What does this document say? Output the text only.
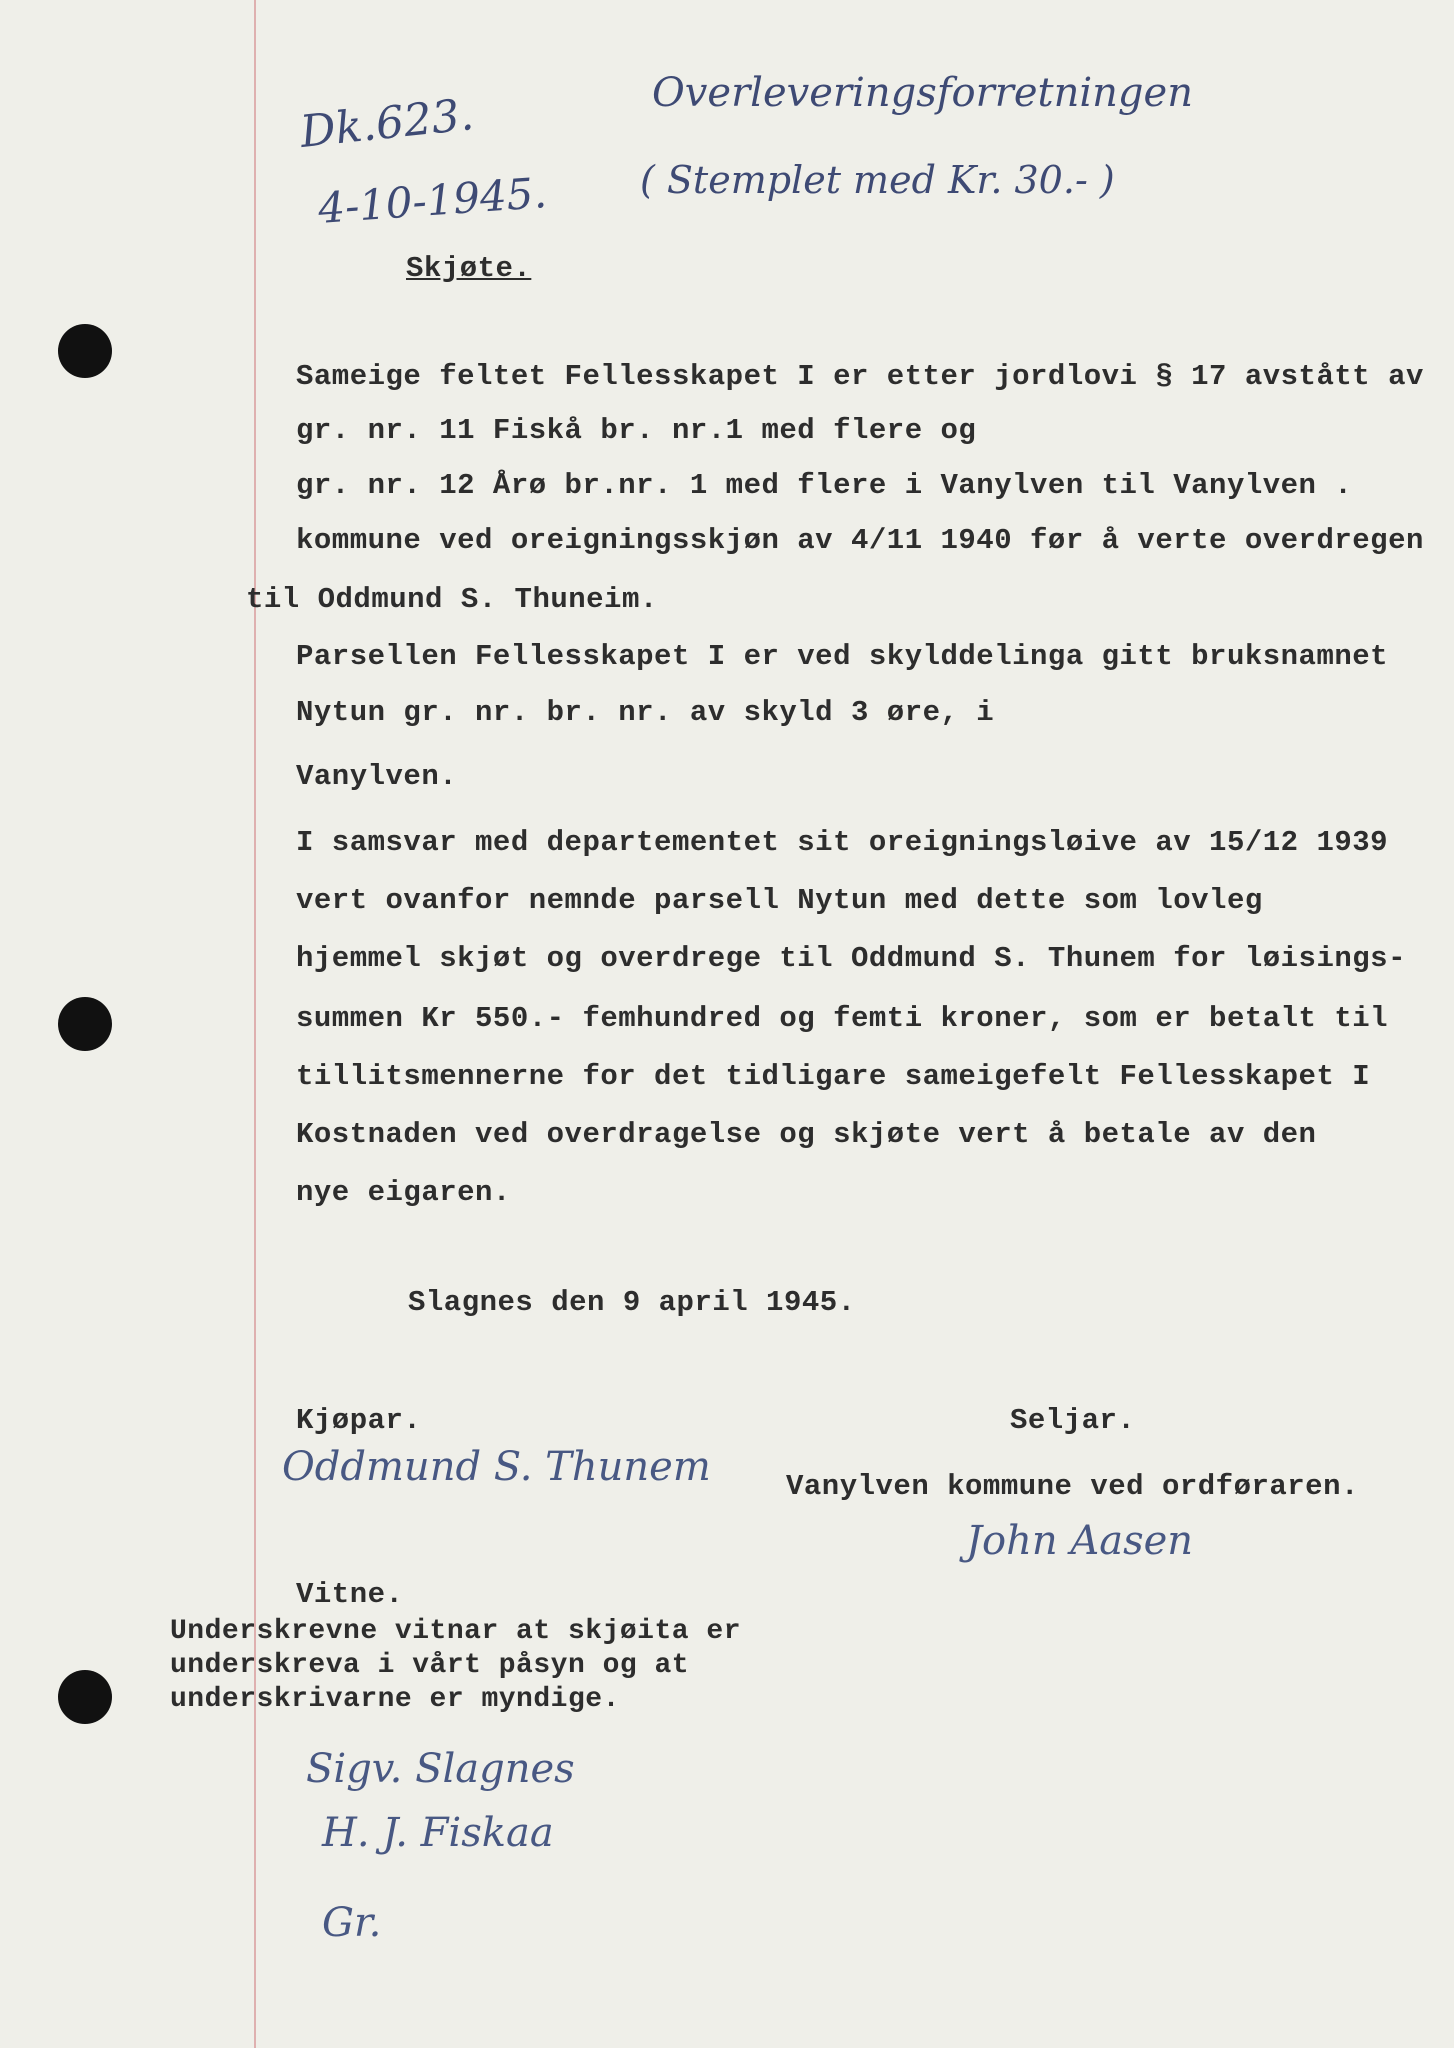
Dk.623.
4-10-1945.
Overleveringsforretningen
( Stemplet med Kr. 30.- )
Skjøte.
Sameige feltet Fellesskapet I er etter jordlovi § 17 avstått av
gr. nr. 11 Fiskå br. nr.1 med flere og
gr. nr. 12 Årø br.nr. 1 med flere i Vanylven til Vanylven .
kommune ved oreigningsskjøn av 4/11 1940 før å verte overdregen
til Oddmund S. Thuneim.
Parsellen Fellesskapet I er ved skylddelinga gitt bruksnamnet
Nytun gr. nr. br. nr. av skyld 3 øre, i
Vanylven.
I samsvar med departementet sit oreigningsløive av 15/12 1939
vert ovanfor nemnde parsell Nytun med dette som lovleg
hjemmel skjøt og overdrege til Oddmund S. Thunem for løisings-
summen Kr 550.- femhundred og femti kroner, som er betalt til
tillitsmennerne for det tidligare sameigefelt Fellesskapet I
Kostnaden ved overdragelse og skjøte vert å betale av den
nye eigaren.
Slagnes den 9 april 1945.
Kjøpar.	Seljar.
Oddmund S. Thunem	Vanylven kommune ved ordføraren.
John Aasen
Vitne.
Underskrevne vitnar at skjøita er
underskreva i vårt påsyn og at
underskrivarne er myndige.
Sigv. Slagnes
H. J. Fiskaa
Gr.
